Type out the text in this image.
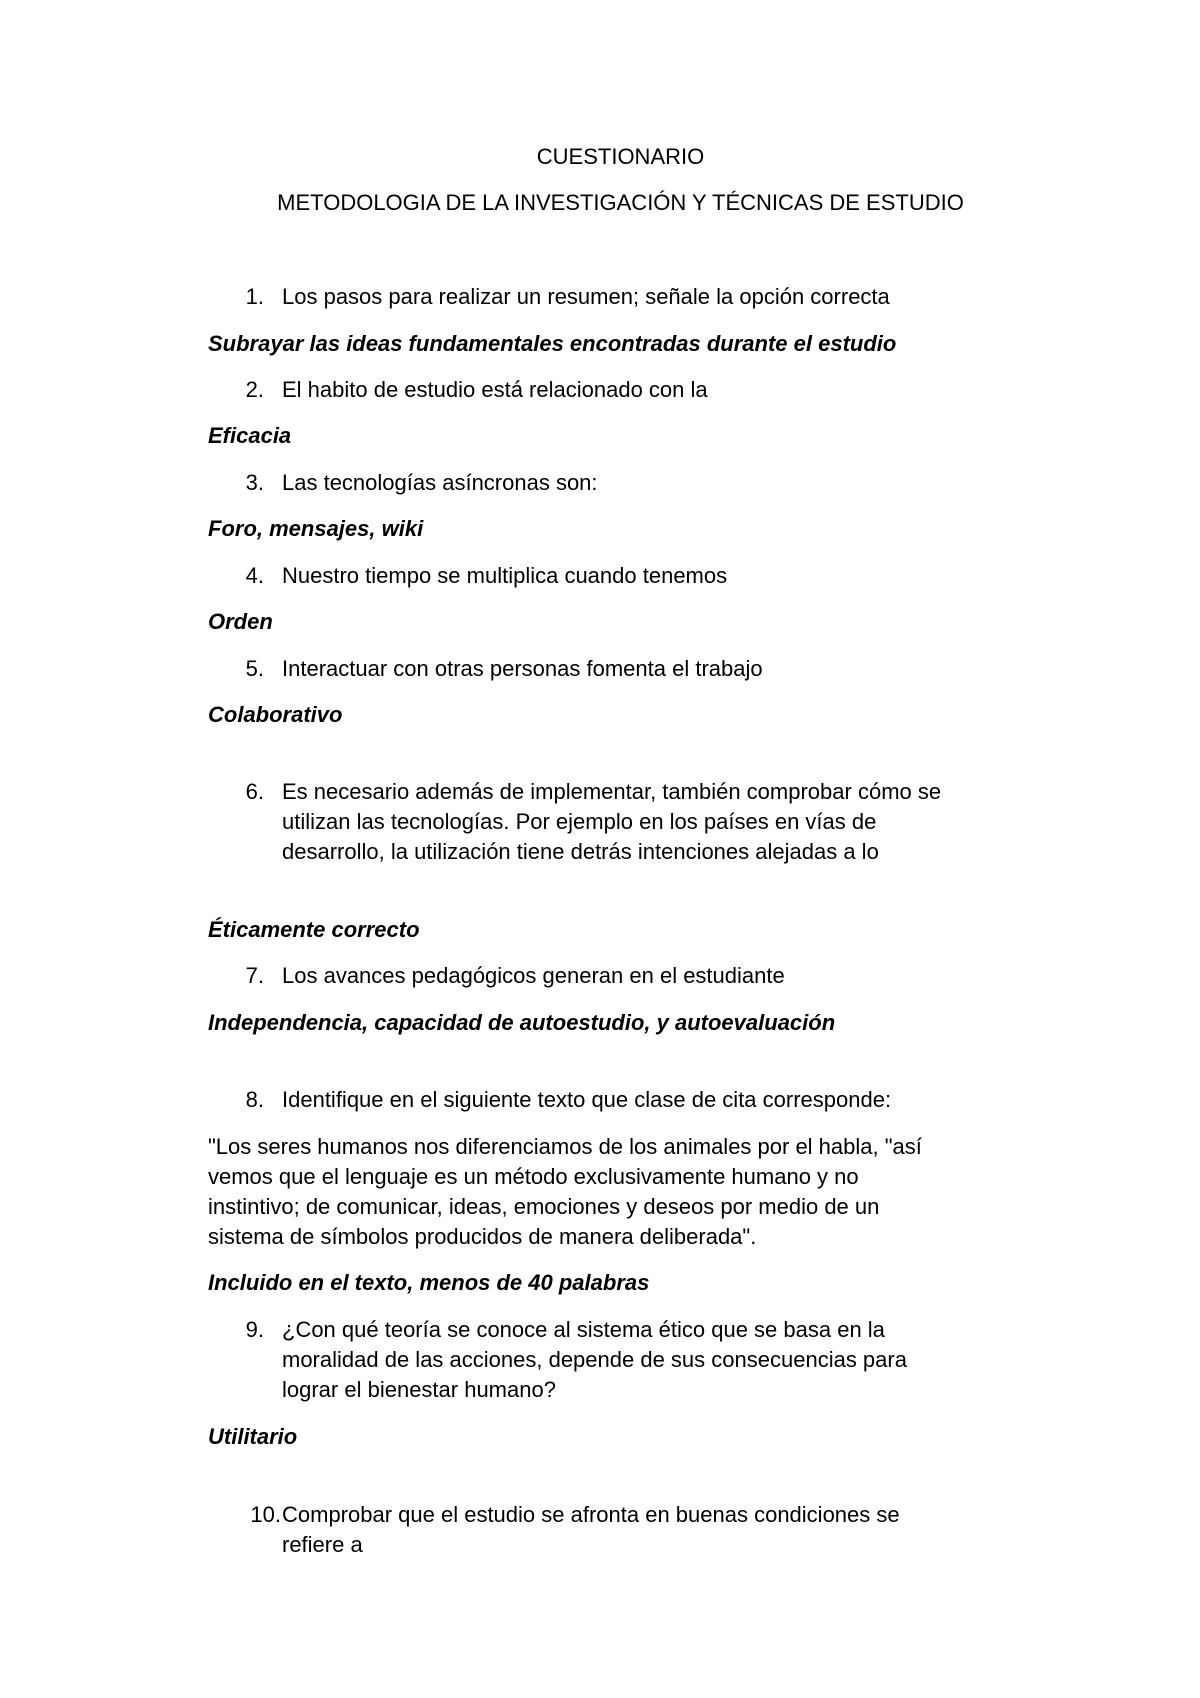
CUESTIONARIO
METODOLOGIA DE LA INVESTIGACIÓN Y TÉCNICAS DE ESTUDIO
1. Los pasos para realizar un resumen; señale la opción correcta
Subrayar las ideas fundamentales encontradas durante el estudio
2. El habito de estudio está relacionado con la
Eficacia
3. Las tecnologías asíncronas son:
Foro, mensajes, wiki
4. Nuestro tiempo se multiplica cuando tenemos
Orden
5. Interactuar con otras personas fomenta el trabajo
Colaborativo
6. Es necesario además de implementar, también comprobar cómo se
utilizan las tecnologías. Por ejemplo en los países en vías de
desarrollo, la utilización tiene detrás intenciones alejadas a lo
Éticamente correcto
7. Los avances pedagógicos generan en el estudiante
Independencia, capacidad de autoestudio, y autoevaluación
8. Identifique en el siguiente texto que clase de cita corresponde:
"Los seres humanos nos diferenciamos de los animales por el habla, "así
vemos que el lenguaje es un método exclusivamente humano y no
instintivo; de comunicar, ideas, emociones y deseos por medio de un
sistema de símbolos producidos de manera deliberada".
Incluido en el texto, menos de 40 palabras
9. ¿Con qué teoría se conoce al sistema ético que se basa en la
moralidad de las acciones, depende de sus consecuencias para
lograr el bienestar humano?
Utilitario
10. Comprobar que el estudio se afronta en buenas condiciones se
refiere a
